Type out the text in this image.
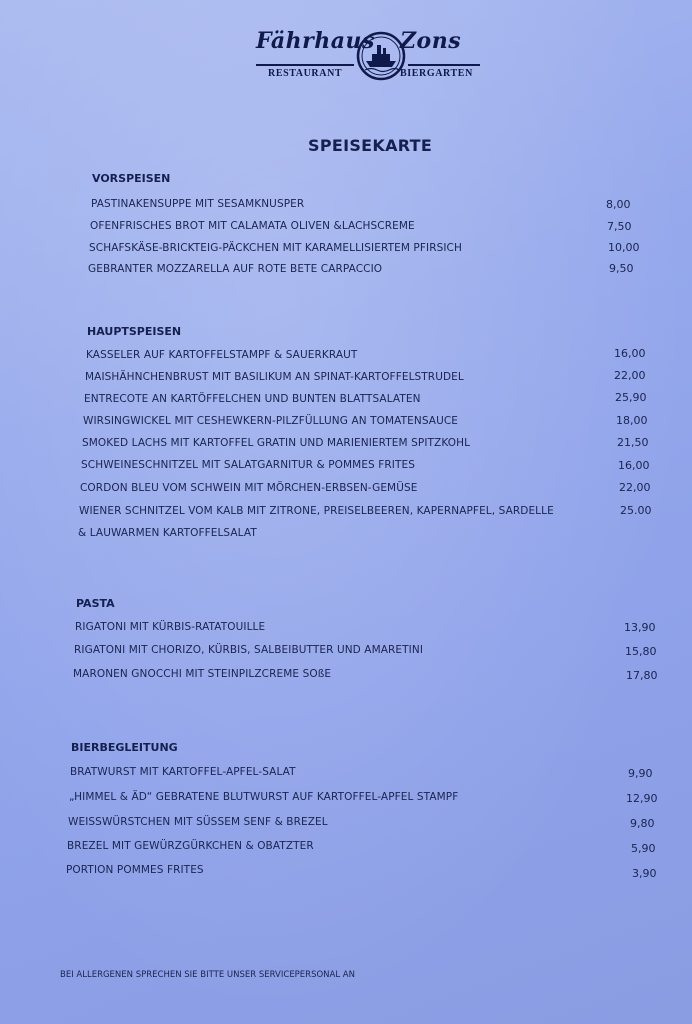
Fährhaus Zons
RESTAURANT	BIERGARTEN
SPEISEKARTE
VORSPEISEN
PASTINAKENSUPPE MIT SESAMKNUSPER	8,00
OFENFRISCHES BROT MIT CALAMATA OLIVEN &LACHSCREME	7,50
SCHAFSKÄSE-BRICKTEIG-PÄCKCHEN MIT KARAMELLISIERTEM PFIRSICH	10,00
GEBRANTER MOZZARELLA AUF ROTE BETE CARPACCIO	9,50
HAUPTSPEISEN
KASSELER AUF KARTOFFELSTAMPF & SAUERKRAUT	16,00
MAISHÄHNCHENBRUST MIT BASILIKUM AN SPINAT-KARTOFFELSTRUDEL	22,00
ENTRECOTE AN KARTÖFFELCHEN UND BUNTEN BLATTSALATEN	25,90
WIRSINGWICKEL MIT CESHEWKERN-PILZFÜLLUNG AN TOMATENSAUCE	18,00
SMOKED LACHS MIT KARTOFFEL GRATIN UND MARIENIERTEM SPITZKOHL	21,50
SCHWEINESCHNITZEL MIT SALATGARNITUR & POMMES FRITES	16,00
CORDON BLEU VOM SCHWEIN MIT MÖRCHEN-ERBSEN-GEMÜSE	22,00
WIENER SCHNITZEL VOM KALB MIT ZITRONE, PREISELBEEREN, KAPERNAPFEL, SARDELLE	25.00
& LAUWARMEN KARTOFFELSALAT
PASTA
RIGATONI MIT KÜRBIS-RATATOUILLE	13,90
RIGATONI MIT CHORIZO, KÜRBIS, SALBEIBUTTER UND AMARETINI	15,80
MARONEN GNOCCHI MIT STEINPILZCREME SOßE	17,80
BIERBEGLEITUNG
BRATWURST MIT KARTOFFEL-APFEL-SALAT	9,90
„HIMMEL & ÄD“ GEBRATENE BLUTWURST AUF KARTOFFEL-APFEL STAMPF	12,90
WEISSWÜRSTCHEN MIT SÜSSEM SENF & BREZEL	9,80
BREZEL MIT GEWÜRZGÜRKCHEN & OBATZTER	5,90
PORTION POMMES FRITES	3,90
BEI ALLERGENEN SPRECHEN SIE BITTE UNSER SERVICEPERSONAL AN
